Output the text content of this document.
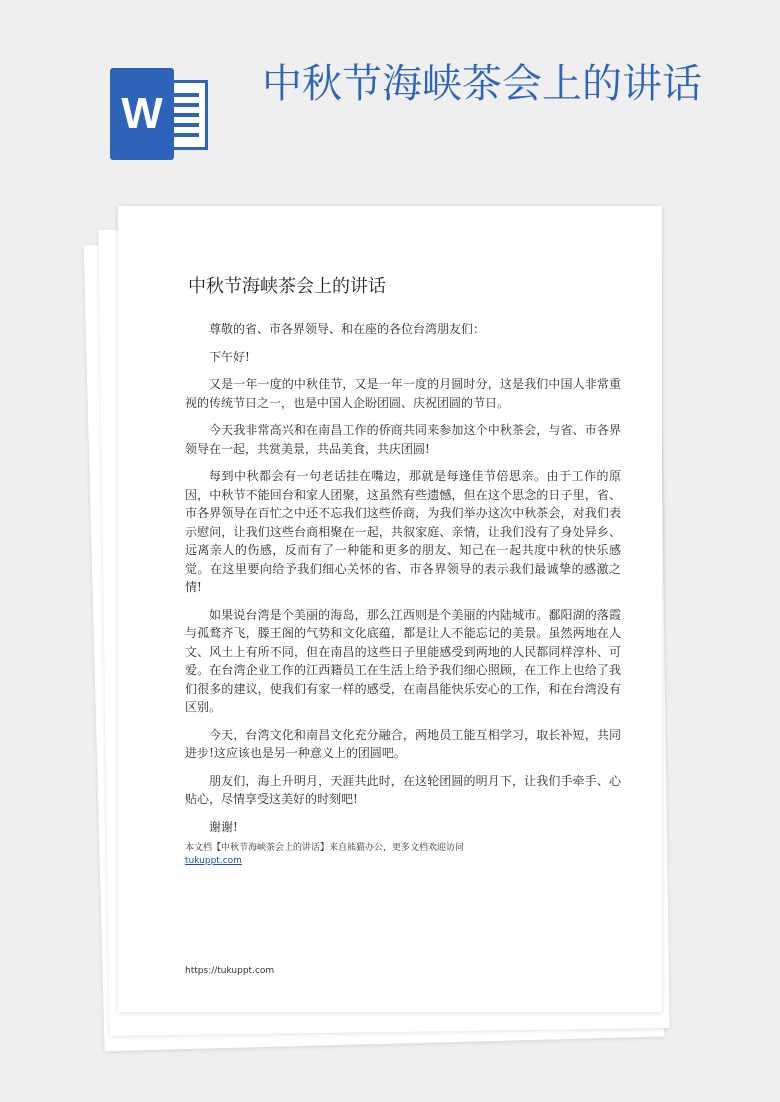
W
中秋节海峡茶会上的讲话
中秋节海峡茶会上的讲话

尊敬的省、市各界领导、和在座的各位台湾朋友们：

下午好!

又是一年一度的中秋佳节，又是一年一度的月圆时分，这是我们中国人非常重视的传统节日之一，也是中国人企盼团圆、庆祝团圆的节日。

今天我非常高兴和在南昌工作的侨商共同来参加这个中秋茶会，与省、市各界领导在一起，共赏美景，共品美食，共庆团圆!

每到中秋都会有一句老话挂在嘴边，那就是每逢佳节倍思亲。由于工作的原因，中秋节不能回台和家人团聚，这虽然有些遗憾，但在这个思念的日子里，省、市各界领导在百忙之中还不忘我们这些侨商，为我们举办这次中秋茶会，对我们表示慰问，让我们这些台商相聚在一起，共叙家庭、亲情，让我们没有了身处异乡、远离亲人的伤感，反而有了一种能和更多的朋友、知己在一起共度中秋的快乐感觉。在这里要向给予我们细心关怀的省、市各界领导的表示我们最诚挚的感激之情!

如果说台湾是个美丽的海岛，那么江西则是个美丽的内陆城市。鄱阳湖的落霞与孤鹜齐飞，滕王阁的气势和文化底蕴，都是让人不能忘记的美景。虽然两地在人文、风土上有所不同，但在南昌的这些日子里能感受到两地的人民都同样淳朴、可爱。在台湾企业工作的江西籍员工在生活上给予我们细心照顾，在工作上也给了我们很多的建议，使我们有家一样的感受，在南昌能快乐安心的工作，和在台湾没有区别。

今天，台湾文化和南昌文化充分融合，两地员工能互相学习，取长补短，共同进步!这应该也是另一种意义上的团圆吧。

朋友们，海上升明月，天涯共此时，在这轮团圆的明月下，让我们手牵手、心贴心，尽情享受这美好的时刻吧!

谢谢!

本文档【中秋节海峡茶会上的讲话】来自熊猫办公，更多文档欢迎访问
tukuppt.com
https://tukuppt.com
